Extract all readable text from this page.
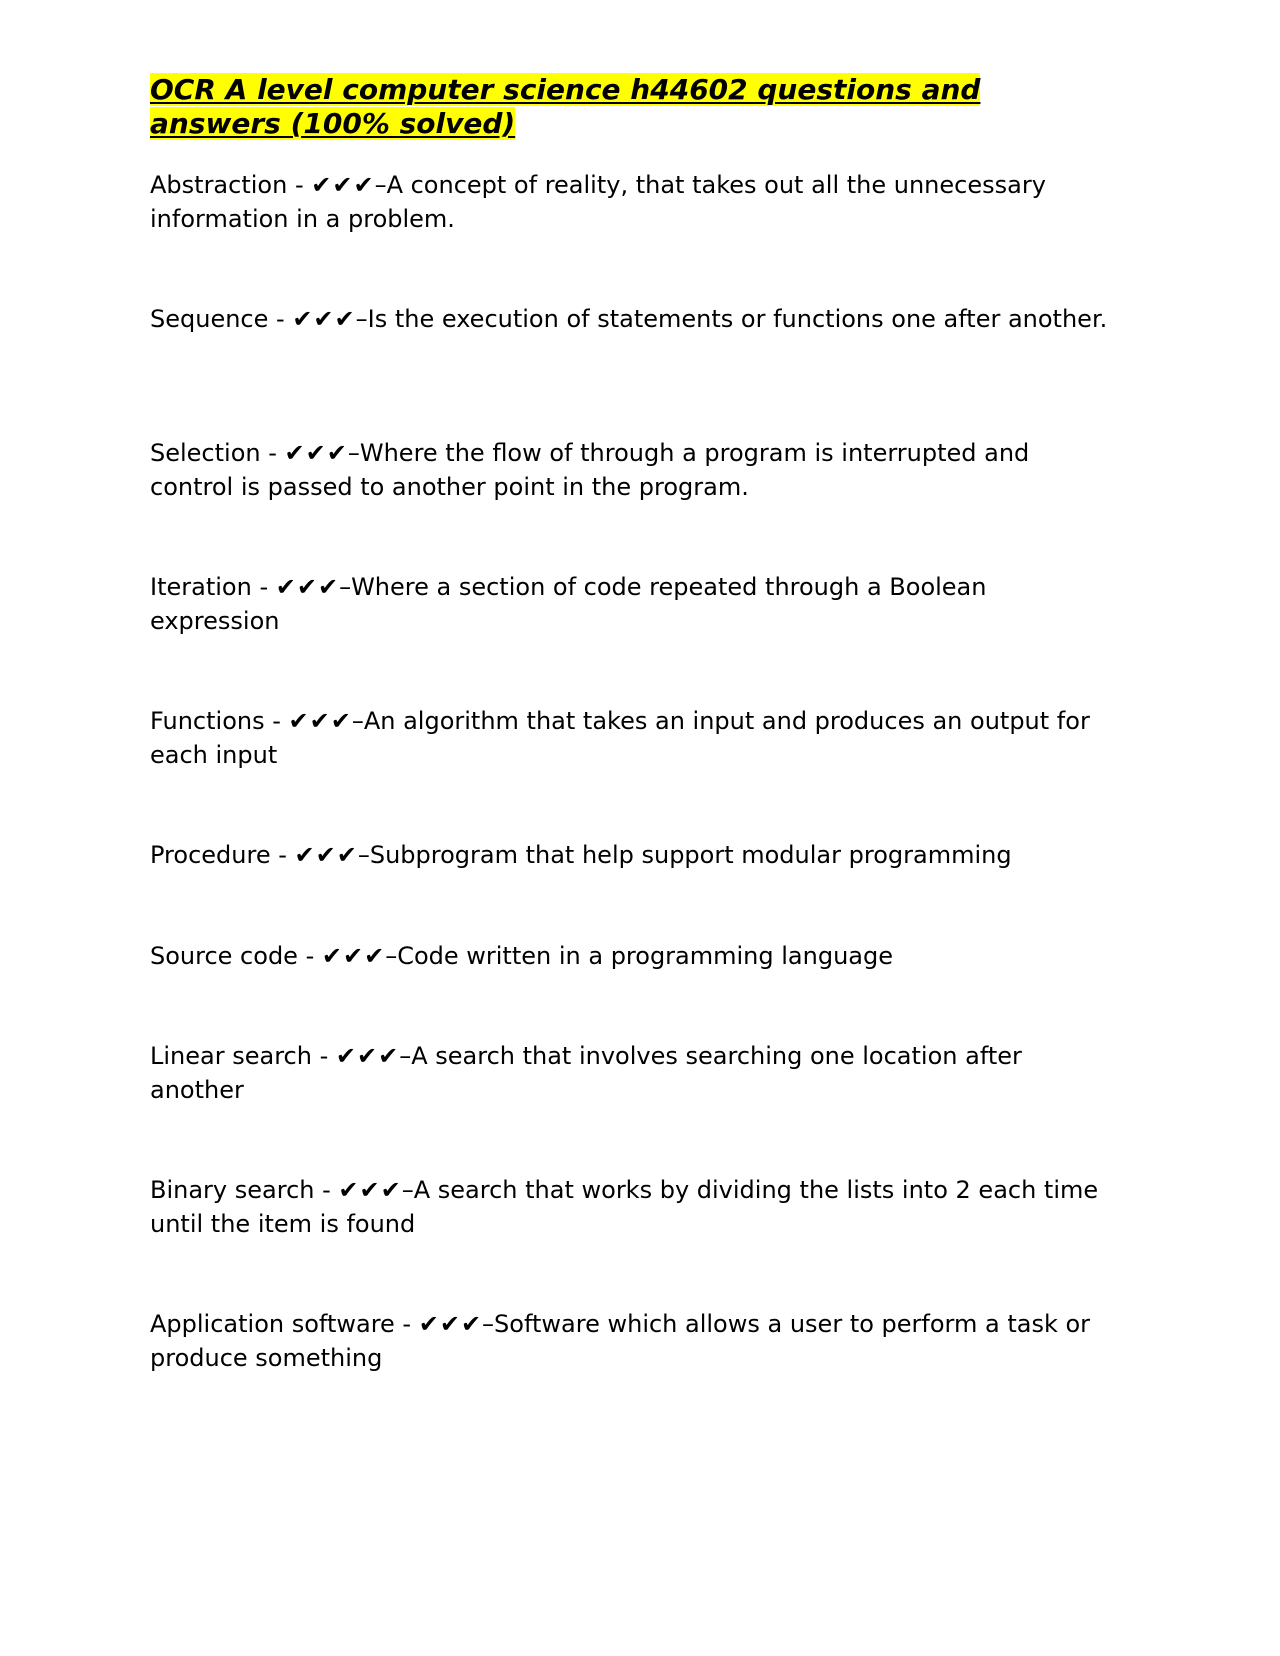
OCR A level computer science h44602 questions and answers (100% solved)

Abstraction - ✔✔✔–A concept of reality, that takes out all the unnecessary information in a problem.

Sequence - ✔✔✔–Is the execution of statements or functions one after another.

Selection - ✔✔✔–Where the flow of through a program is interrupted and control is passed to another point in the program.

Iteration - ✔✔✔–Where a section of code repeated through a Boolean expression

Functions - ✔✔✔–An algorithm that takes an input and produces an output for each input

Procedure - ✔✔✔–Subprogram that help support modular programming

Source code - ✔✔✔–Code written in a programming language

Linear search - ✔✔✔–A search that involves searching one location after another

Binary search - ✔✔✔–A search that works by dividing the lists into 2 each time until the item is found

Application software - ✔✔✔–Software which allows a user to perform a task or produce something
